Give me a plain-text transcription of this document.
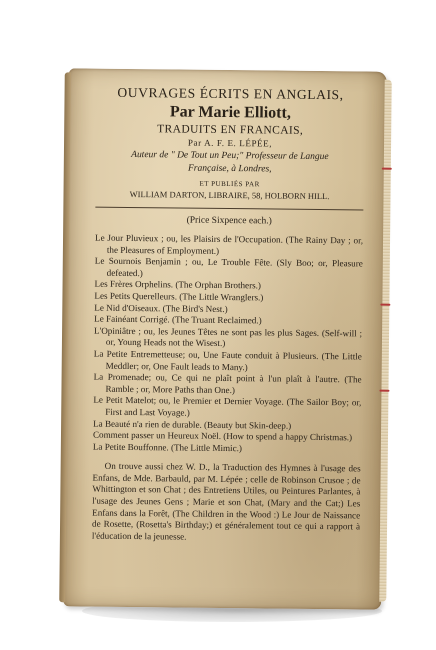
OUVRAGES ÉCRITS EN ANGLAIS,
Par Marie Elliott,
TRADUITS EN FRANCAIS,
Par A. F. E. LÉPÉE,
Auteur de " De Tout un Peu;" Professeur de Langue
Française, à Londres,
ET PUBLIÉS PAR
WILLIAM DARTON, LIBRAIRE, 58, HOLBORN HILL.
(Price Sixpence each.)
Le Jour Pluvieux ; ou, les Plaisirs de l'Occupation. (The Rainy Day ; or, the Pleasures of Employment.)
Le Sournois Benjamin ; ou, Le Trouble Fête. (Sly Boo; or, Pleasure defeated.)
Les Frères Orphelins. (The Orphan Brothers.)
Les Petits Querelleurs. (The Little Wranglers.)
Le Nid d'Oiseaux. (The Bird's Nest.)
Le Fainéant Corrigé. (The Truant Reclaimed.)
L'Opiniâtre ; ou, les Jeunes Têtes ne sont pas les plus Sages. (Self-will ; or, Young Heads not the Wisest.)
La Petite Entremetteuse; ou, Une Faute conduit à Plusieurs. (The Little Meddler; or, One Fault leads to Many.)
La Promenade; ou, Ce qui ne plaît point à l'un plaît à l'autre. (The Ramble ; or, More Paths than One.)
Le Petit Matelot; ou, le Premier et Dernier Voyage. (The Sailor Boy; or, First and Last Voyage.)
La Beauté n'a rien de durable. (Beauty but Skin-deep.)
Comment passer un Heureux Noël. (How to spend a happy Christmas.)
La Petite Bouffonne. (The Little Mimic.)
On trouve aussi chez W. D., la Traduction des Hymnes à l'usage des Enfans, de Mde. Barbauld, par M. Lépée ; celle de Robinson Crusoe ; de Whittington et son Chat ; des Entretiens Utiles, ou Peintures Parlantes, à l'usage des Jeunes Gens ; Marie et son Chat, (Mary and the Cat;) Les Enfans dans la Forêt, (The Children in the Wood :) Le Jour de Naissance de Rosette, (Rosetta's Birthday;) et généralement tout ce qui a rapport à l'éducation de la jeunesse.
